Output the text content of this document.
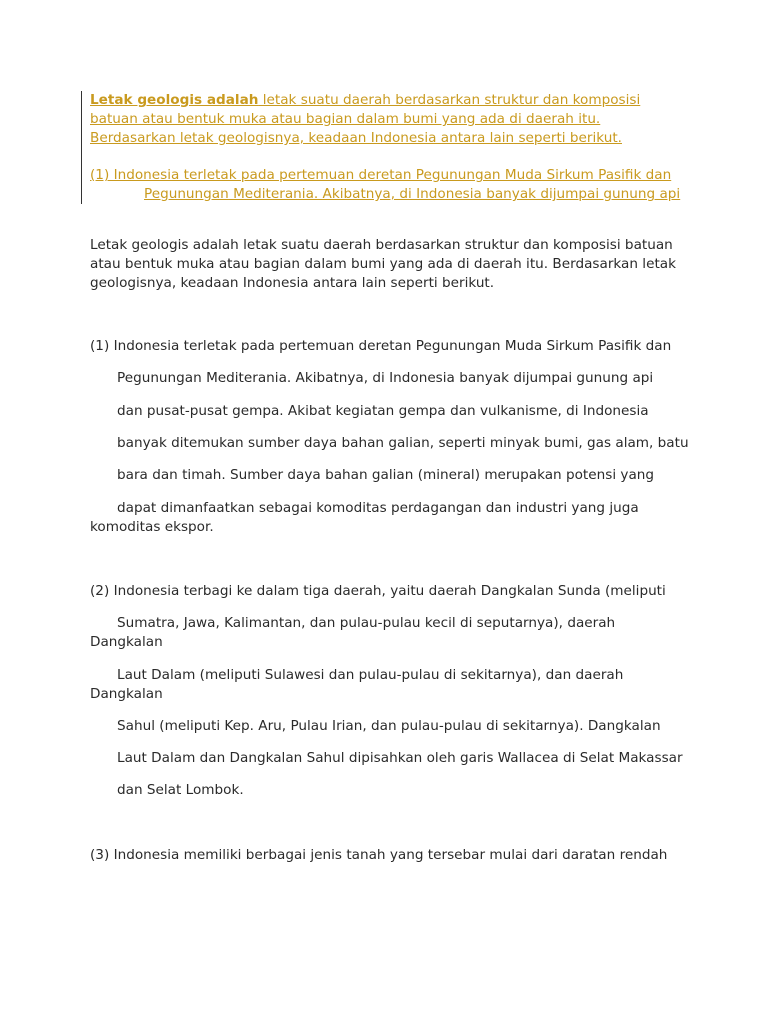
Letak geologis adalah letak suatu daerah berdasarkan struktur dan komposisi batuan atau bentuk muka atau bagian dalam bumi yang ada di daerah itu. Berdasarkan letak geologisnya, keadaan Indonesia antara lain seperti berikut.

(1) Indonesia terletak pada pertemuan deretan Pegunungan Muda Sirkum Pasifik dan

Pegunungan Mediterania. Akibatnya, di Indonesia banyak dijumpai gunung api

Letak geologis adalah letak suatu daerah berdasarkan struktur dan komposisi batuan atau bentuk muka atau bagian dalam bumi yang ada di daerah itu. Berdasarkan letak geologisnya, keadaan Indonesia antara lain seperti berikut.

(1) Indonesia terletak pada pertemuan deretan Pegunungan Muda Sirkum Pasifik dan

Pegunungan Mediterania. Akibatnya, di Indonesia banyak dijumpai gunung api

dan pusat-pusat gempa. Akibat kegiatan gempa dan vulkanisme, di Indonesia

banyak ditemukan sumber daya bahan galian, seperti minyak bumi, gas alam, batu

bara dan timah. Sumber daya bahan galian (mineral) merupakan potensi yang

dapat dimanfaatkan sebagai komoditas perdagangan dan industri yang juga komoditas ekspor.

(2) Indonesia terbagi ke dalam tiga daerah, yaitu daerah Dangkalan Sunda (meliputi

Sumatra, Jawa, Kalimantan, dan pulau-pulau kecil di seputarnya), daerah Dangkalan

Laut Dalam (meliputi Sulawesi dan pulau-pulau di sekitarnya), dan daerah Dangkalan

Sahul (meliputi Kep. Aru, Pulau Irian, dan pulau-pulau di sekitarnya). Dangkalan

Laut Dalam dan Dangkalan Sahul dipisahkan oleh garis Wallacea di Selat Makassar

dan Selat Lombok.

(3) Indonesia memiliki berbagai jenis tanah yang tersebar mulai dari daratan rendah
